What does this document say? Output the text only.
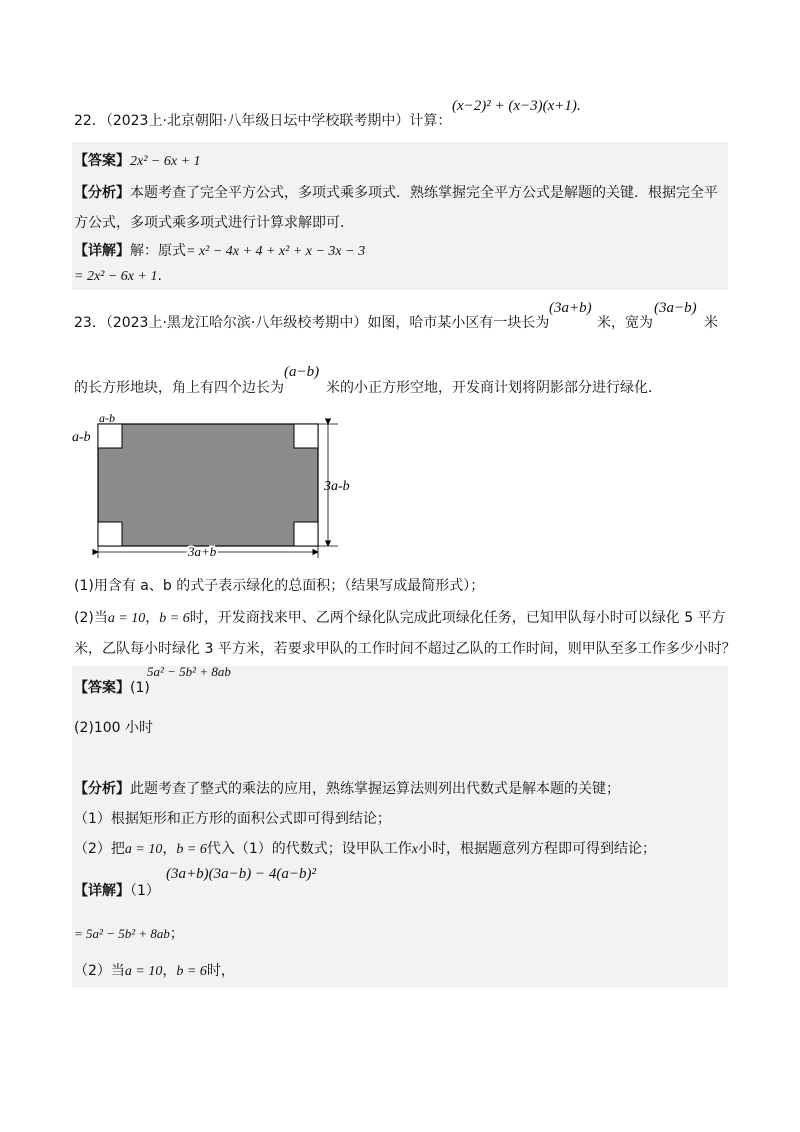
22．（2023上·北京朝阳·八年级日坛中学校联考期中）计算：
(x−2)² + (x−3)(x+1).
【答案】2x² − 6x + 1
【分析】本题考查了完全平方公式，多项式乘多项式．熟练掌握完全平方公式是解题的关键．根据完全平
方公式，多项式乘多项式进行计算求解即可．
【详解】解：原式= x² − 4x + 4 + x² + x − 3x − 3
= 2x² − 6x + 1.
23．（2023上·黑龙江哈尔滨·八年级校考期中）如图，哈市某小区有一块长为
(3a+b)
米，宽为
(3a−b)
米
的长方形地块，角上有四个边长为
(a−b)
米的小正方形空地，开发商计划将阴影部分进行绿化．
a-b
a-b
3a-b
3a+b
(1)用含有 a、b 的式子表示绿化的总面积；（结果写成最简形式）；
(2)当a = 10，b = 6时，开发商找来甲、乙两个绿化队完成此项绿化任务，已知甲队每小时可以绿化 5 平方
米，乙队每小时绿化 3 平方米，若要求甲队的工作时间不超过乙队的工作时间，则甲队至多工作多少小时？
【答案】(1)
5a² − 5b² + 8ab
(2)100 小时
【分析】此题考查了整式的乘法的应用，熟练掌握运算法则列出代数式是解本题的关键；
（1）根据矩形和正方形的面积公式即可得到结论；
（2）把a = 10，b = 6代入（1）的代数式；设甲队工作x小时，根据题意列方程即可得到结论；
【详解】（1）
(3a+b)(3a−b) − 4(a−b)²
= 5a² − 5b² + 8ab；
（2）当a = 10，b = 6时，
